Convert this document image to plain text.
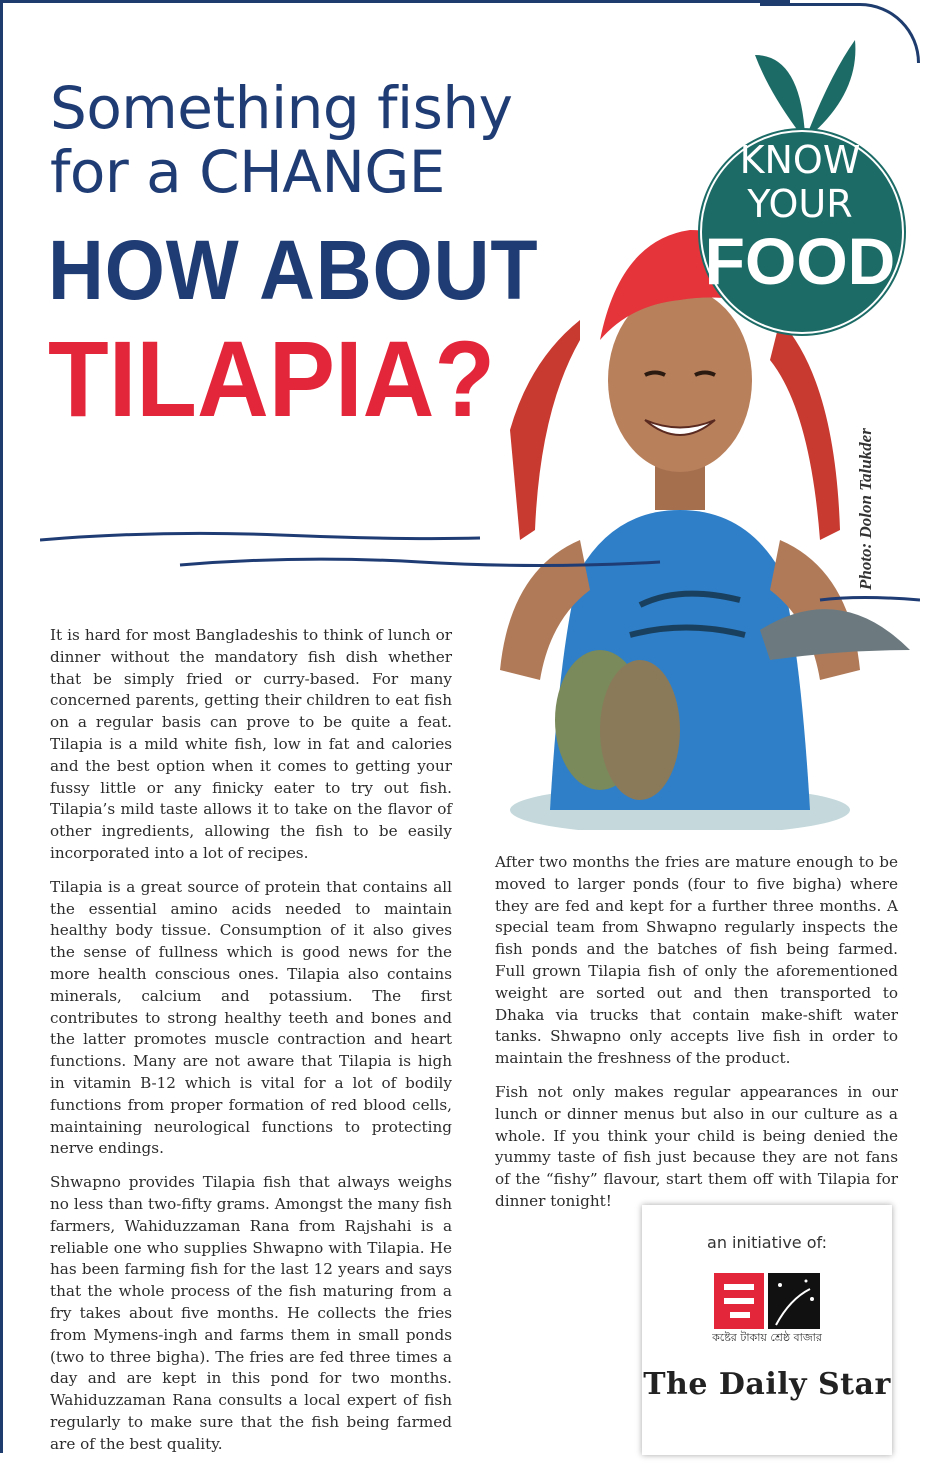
Something fishy
for a CHANGE
HOW ABOUT
TILAPIA?
KNOW
YOUR
FOOD
Photo: Dolon Talukder

It is hard for most Bangladeshis to think of lunch or dinner without the mandatory fish dish whether that be simply fried or curry-based. For many concerned parents, getting their children to eat fish on a regular basis can prove to be quite a feat. Tilapia is a mild white fish, low in fat and calories and the best option when it comes to getting your fussy little or any finicky eater to try out fish. Tilapia’s mild taste allows it to take on the flavor of other ingredients, allowing the fish to be easily incorporated into a lot of recipes.

Tilapia is a great source of protein that contains all the essential amino acids needed to maintain healthy body tissue. Consumption of it also gives the sense of fullness which is good news for the more health conscious ones. Tilapia also contains minerals, calcium and potassium. The first contributes to strong healthy teeth and bones and the latter promotes muscle contraction and heart functions. Many are not aware that Tilapia is high in vitamin B-12 which is vital for a lot of bodily functions from proper formation of red blood cells, maintaining neurological functions to protecting nerve endings.

Shwapno provides Tilapia fish that always weighs no less than two-fifty grams. Amongst the many fish farmers, Wahiduzzaman Rana from Rajshahi is a reliable one who supplies Shwapno with Tilapia. He has been farming fish for the last 12 years and says that the whole process of the fish maturing from a fry takes about five months. He collects the fries from Mymens-ingh and farms them in small ponds (two to three bigha). The fries are fed three times a day and are kept in this pond for two months. Wahiduzzaman Rana consults a local expert of fish regularly to make sure that the fish being farmed are of the best quality.

After two months the fries are mature enough to be moved to larger ponds (four to five bigha) where they are fed and kept for a further three months. A special team from Shwapno regularly inspects the fish ponds and the batches of fish being farmed. Full grown Tilapia fish of only the aforementioned weight are sorted out and then transported to Dhaka via trucks that contain make-shift water tanks. Shwapno only accepts live fish in order to maintain the freshness of the product.

Fish not only makes regular appearances in our lunch or dinner menus but also in our culture as a whole. If you think your child is being denied the yummy taste of fish just because they are not fans of the “fishy” flavour, start them off with Tilapia for dinner tonight!

an initiative of:
কষ্টের টাকায় শ্রেষ্ঠ বাজার
The Daily Star
